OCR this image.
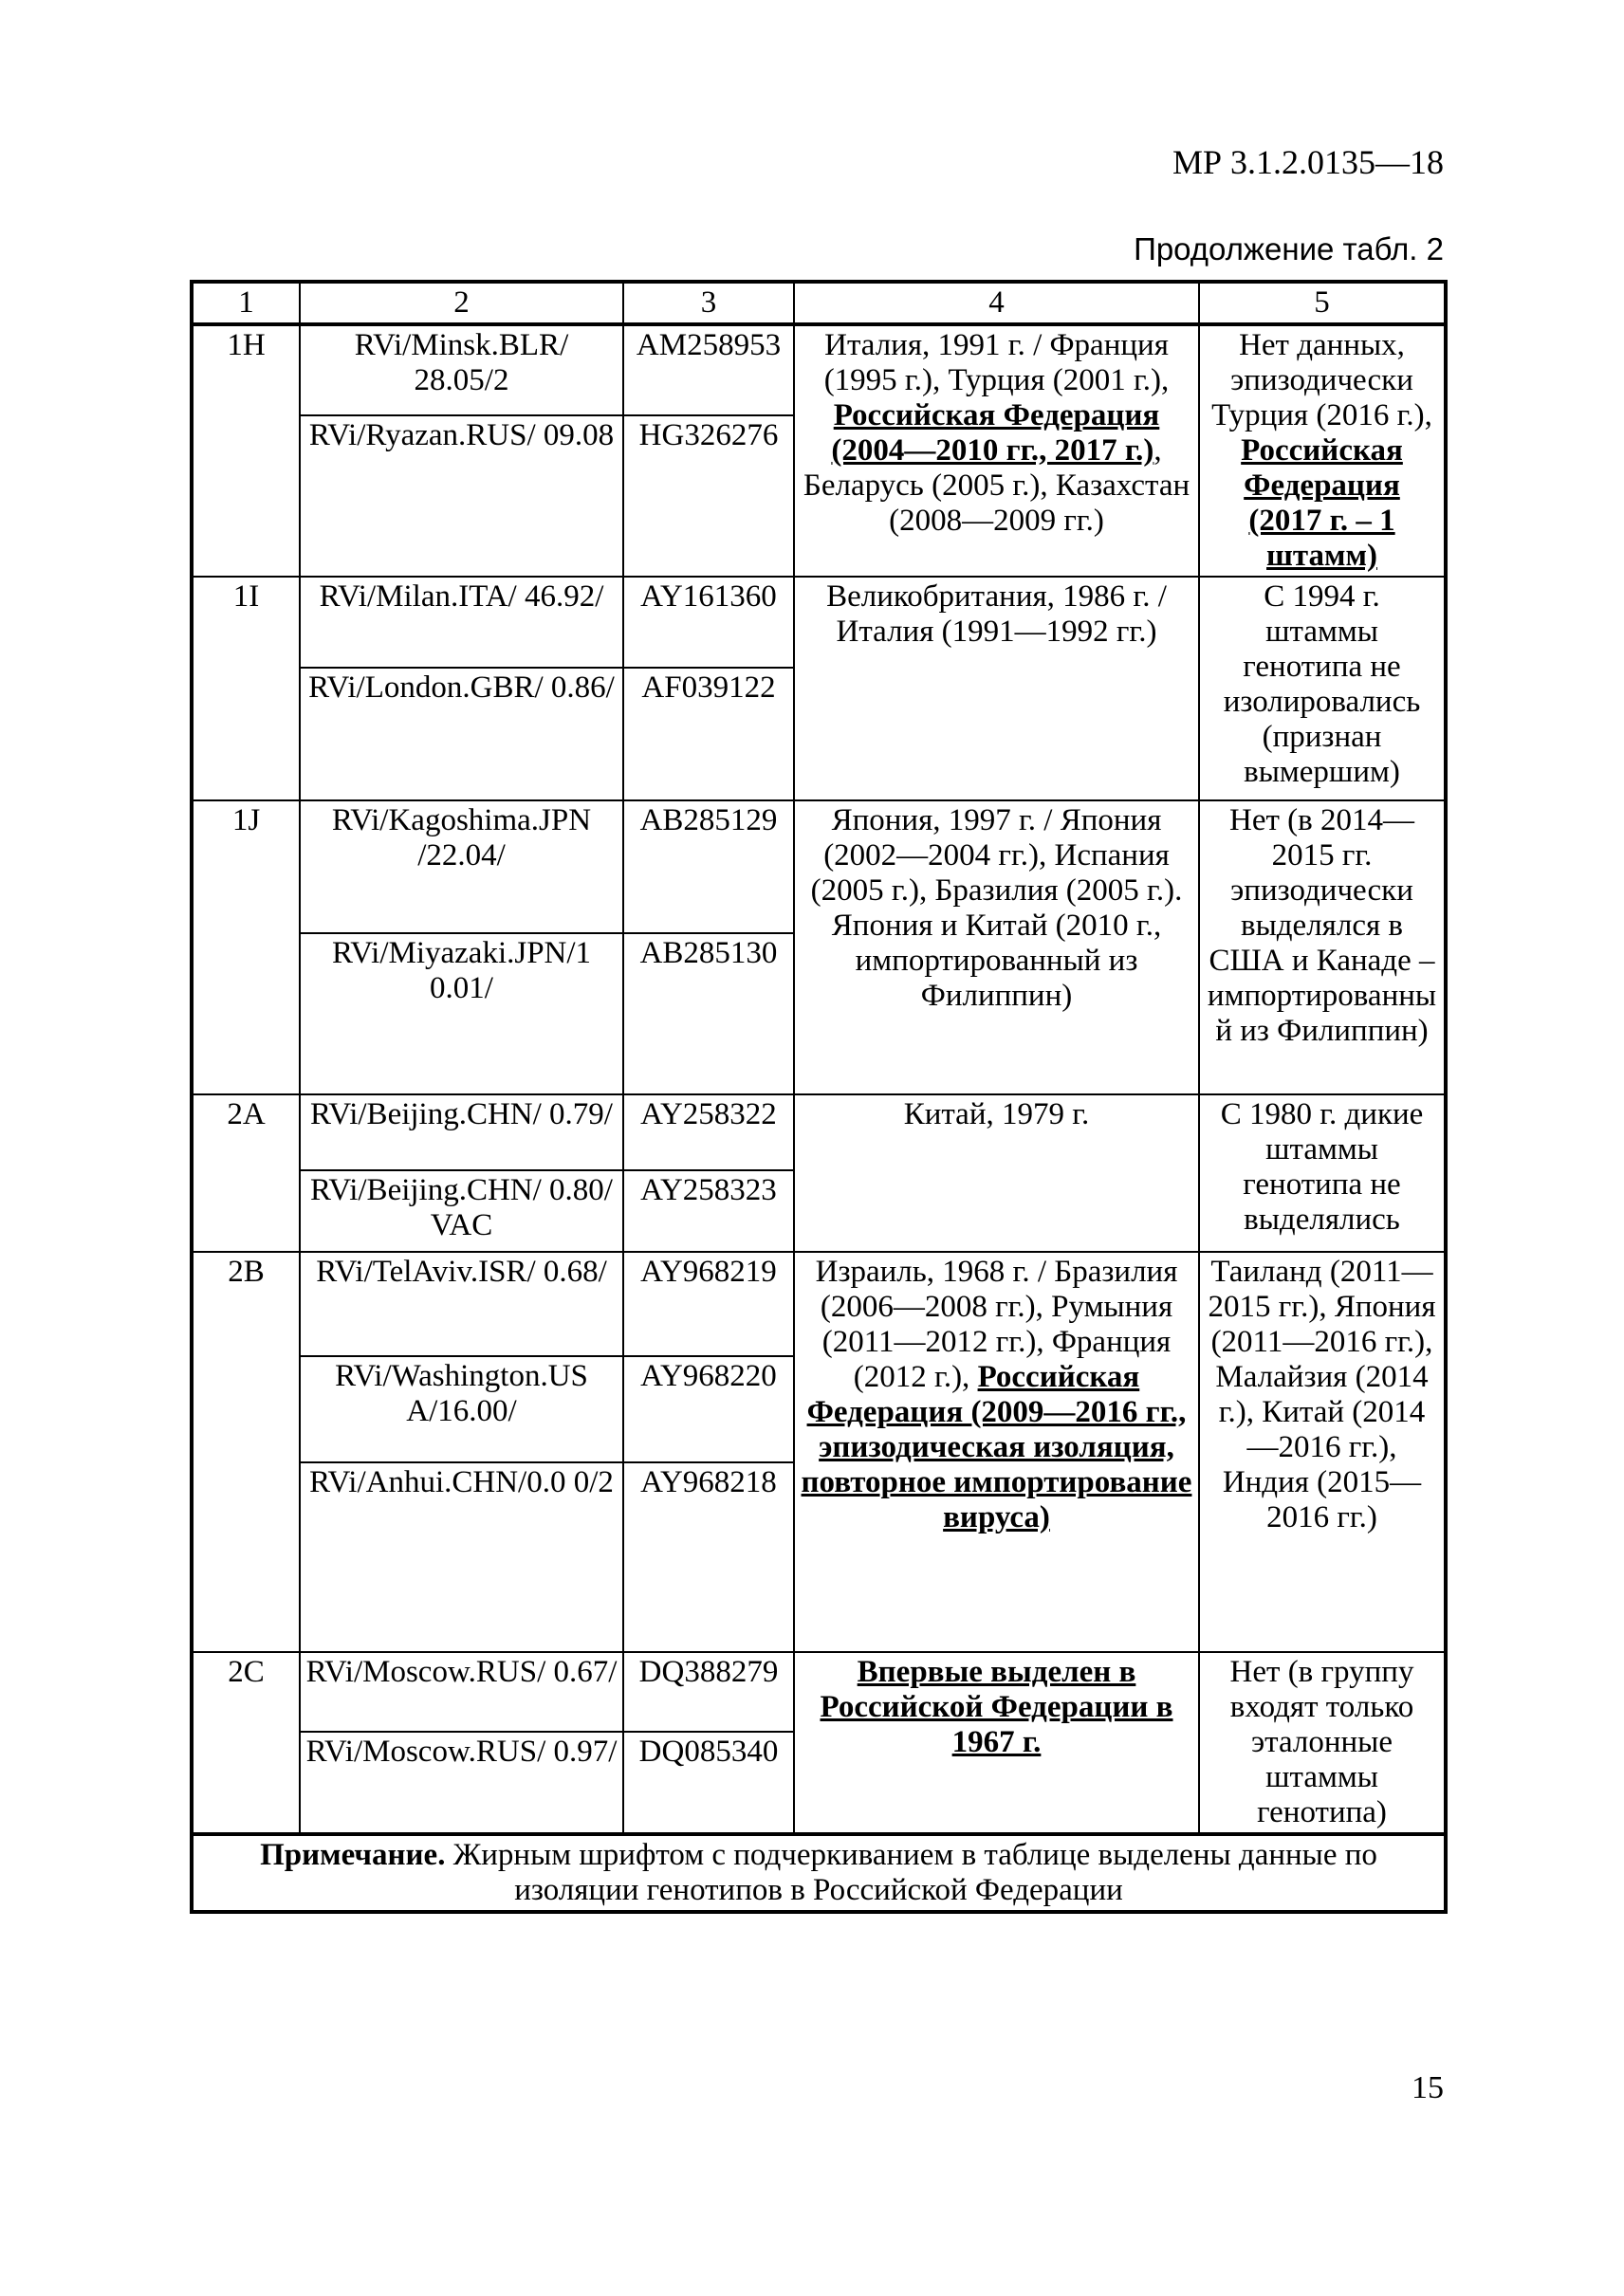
МР 3.1.2.0135—18
Продолжение табл. 2
1	2	3	4	5
1Н	RVi/Minsk.BLR/ 28.05/2	AM258953	Италия, 1991 г. / Франция (1995 г.), Турция (2001 г.), Российская Федерация (2004—2010 гг., 2017 г.), Беларусь (2005 г.), Казахстан (2008—2009 гг.)	Нет данных, эпизодически Турция (2016 г.), Российская Федерация (2017 г. – 1 штамм)
	RVi/Ryazan.RUS/ 09.08	HG326276		
1I	RVi/Milan.ITA/ 46.92/	AY161360	Великобритания, 1986 г. / Италия (1991—1992 гг.)	С 1994 г. штаммы генотипа не изолировались (признан вымершим)
	RVi/London.GBR/ 0.86/	AF039122		
1J	RVi/Kagoshima.JPN /22.04/	AB285129	Япония, 1997 г. / Япония (2002—2004 гг.), Испания (2005 г.), Бразилия (2005 г.). Япония и Китай (2010 г., импортированный из Филиппин)	Нет (в 2014—2015 гг. эпизодически выделялся в США и Канаде – импортированный из Филиппин)
	RVi/Miyazaki.JPN/1 0.01/	AB285130		
2A	RVi/Beijing.CHN/ 0.79/	AY258322	Китай, 1979 г.	С 1980 г. дикие штаммы генотипа не выделялись
	RVi/Beijing.CHN/ 0.80/ VAC	AY258323		
2B	RVi/TelAviv.ISR/ 0.68/	AY968219	Израиль, 1968 г. / Бразилия (2006—2008 гг.), Румыния (2011—2012 гг.), Франция (2012 г.), Российская Федерация (2009—2016 гг., эпизодическая изоляция, повторное импортирование вируса)	Таиланд (2011—2015 гг.), Япония (2011—2016 гг.), Малайзия (2014 г.), Китай (2014—2016 гг.), Индия (2015—2016 гг.)
	RVi/Washington.US A/16.00/	AY968220		
	RVi/Anhui.CHN/0.0 0/2	AY968218		
2C	RVi/Moscow.RUS/ 0.67/	DQ388279	Впервые выделен в Российской Федерации в 1967 г.	Нет (в группу входят только эталонные штаммы генотипа)
	RVi/Moscow.RUS/ 0.97/	DQ085340		
Примечание. Жирным шрифтом с подчеркиванием в таблице выделены данные по изоляции генотипов в Российской Федерации				
15
